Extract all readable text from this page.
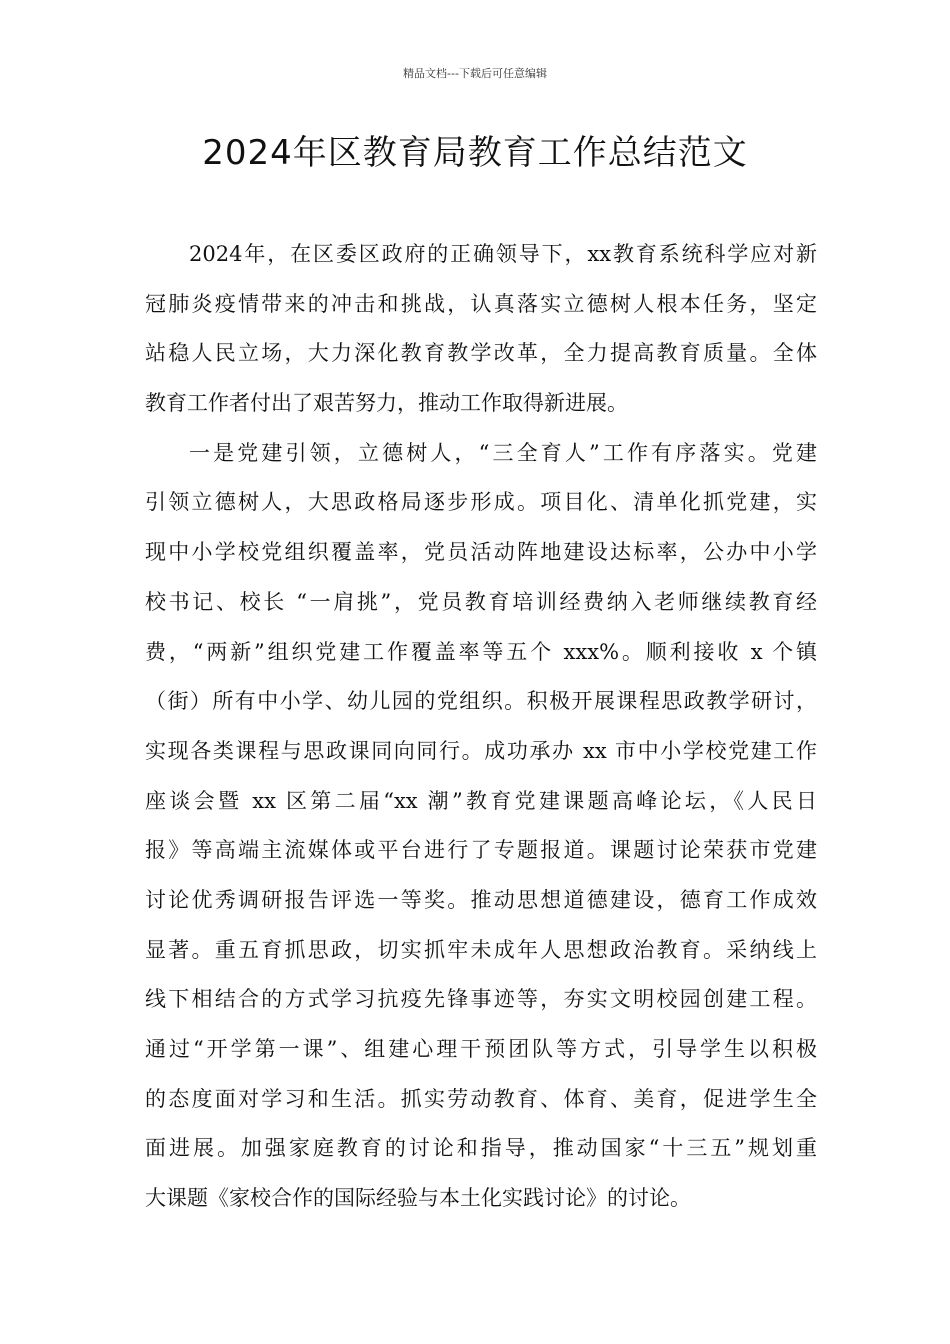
精品文档---下载后可任意编辑
2024年区教育局教育工作总结范文
2024年，在区委区政府的正确领导下，xx教育系统科学应对新
冠肺炎疫情带来的冲击和挑战，认真落实立德树人根本任务，坚定
站稳人民立场，大力深化教育教学改革，全力提高教育质量。全体
教育工作者付出了艰苦努力，推动工作取得新进展。
一是党建引领，立德树人，“三全育人”工作有序落实。党建
引领立德树人，大思政格局逐步形成。项目化、清单化抓党建，实
现中小学校党组织覆盖率，党员活动阵地建设达标率，公办中小学
校书记、校长 “一肩挑”，党员教育培训经费纳入老师继续教育经
费，“两新”组织党建工作覆盖率等五个 xxx%。顺利接收 x 个镇
（街）所有中小学、幼儿园的党组织。积极开展课程思政教学研讨，
实现各类课程与思政课同向同行。成功承办 xx 市中小学校党建工作
座谈会暨 xx 区第二届“xx 潮”教育党建课题高峰论坛，《人民日
报》等高端主流媒体或平台进行了专题报道。课题讨论荣获市党建
讨论优秀调研报告评选一等奖。推动思想道德建设，德育工作成效
显著。重五育抓思政，切实抓牢未成年人思想政治教育。采纳线上
线下相结合的方式学习抗疫先锋事迹等，夯实文明校园创建工程。
通过“开学第一课”、组建心理干预团队等方式，引导学生以积极
的态度面对学习和生活。抓实劳动教育、体育、美育，促进学生全
面进展。加强家庭教育的讨论和指导，推动国家“十三五”规划重
大课题《家校合作的国际经验与本土化实践讨论》的讨论。
